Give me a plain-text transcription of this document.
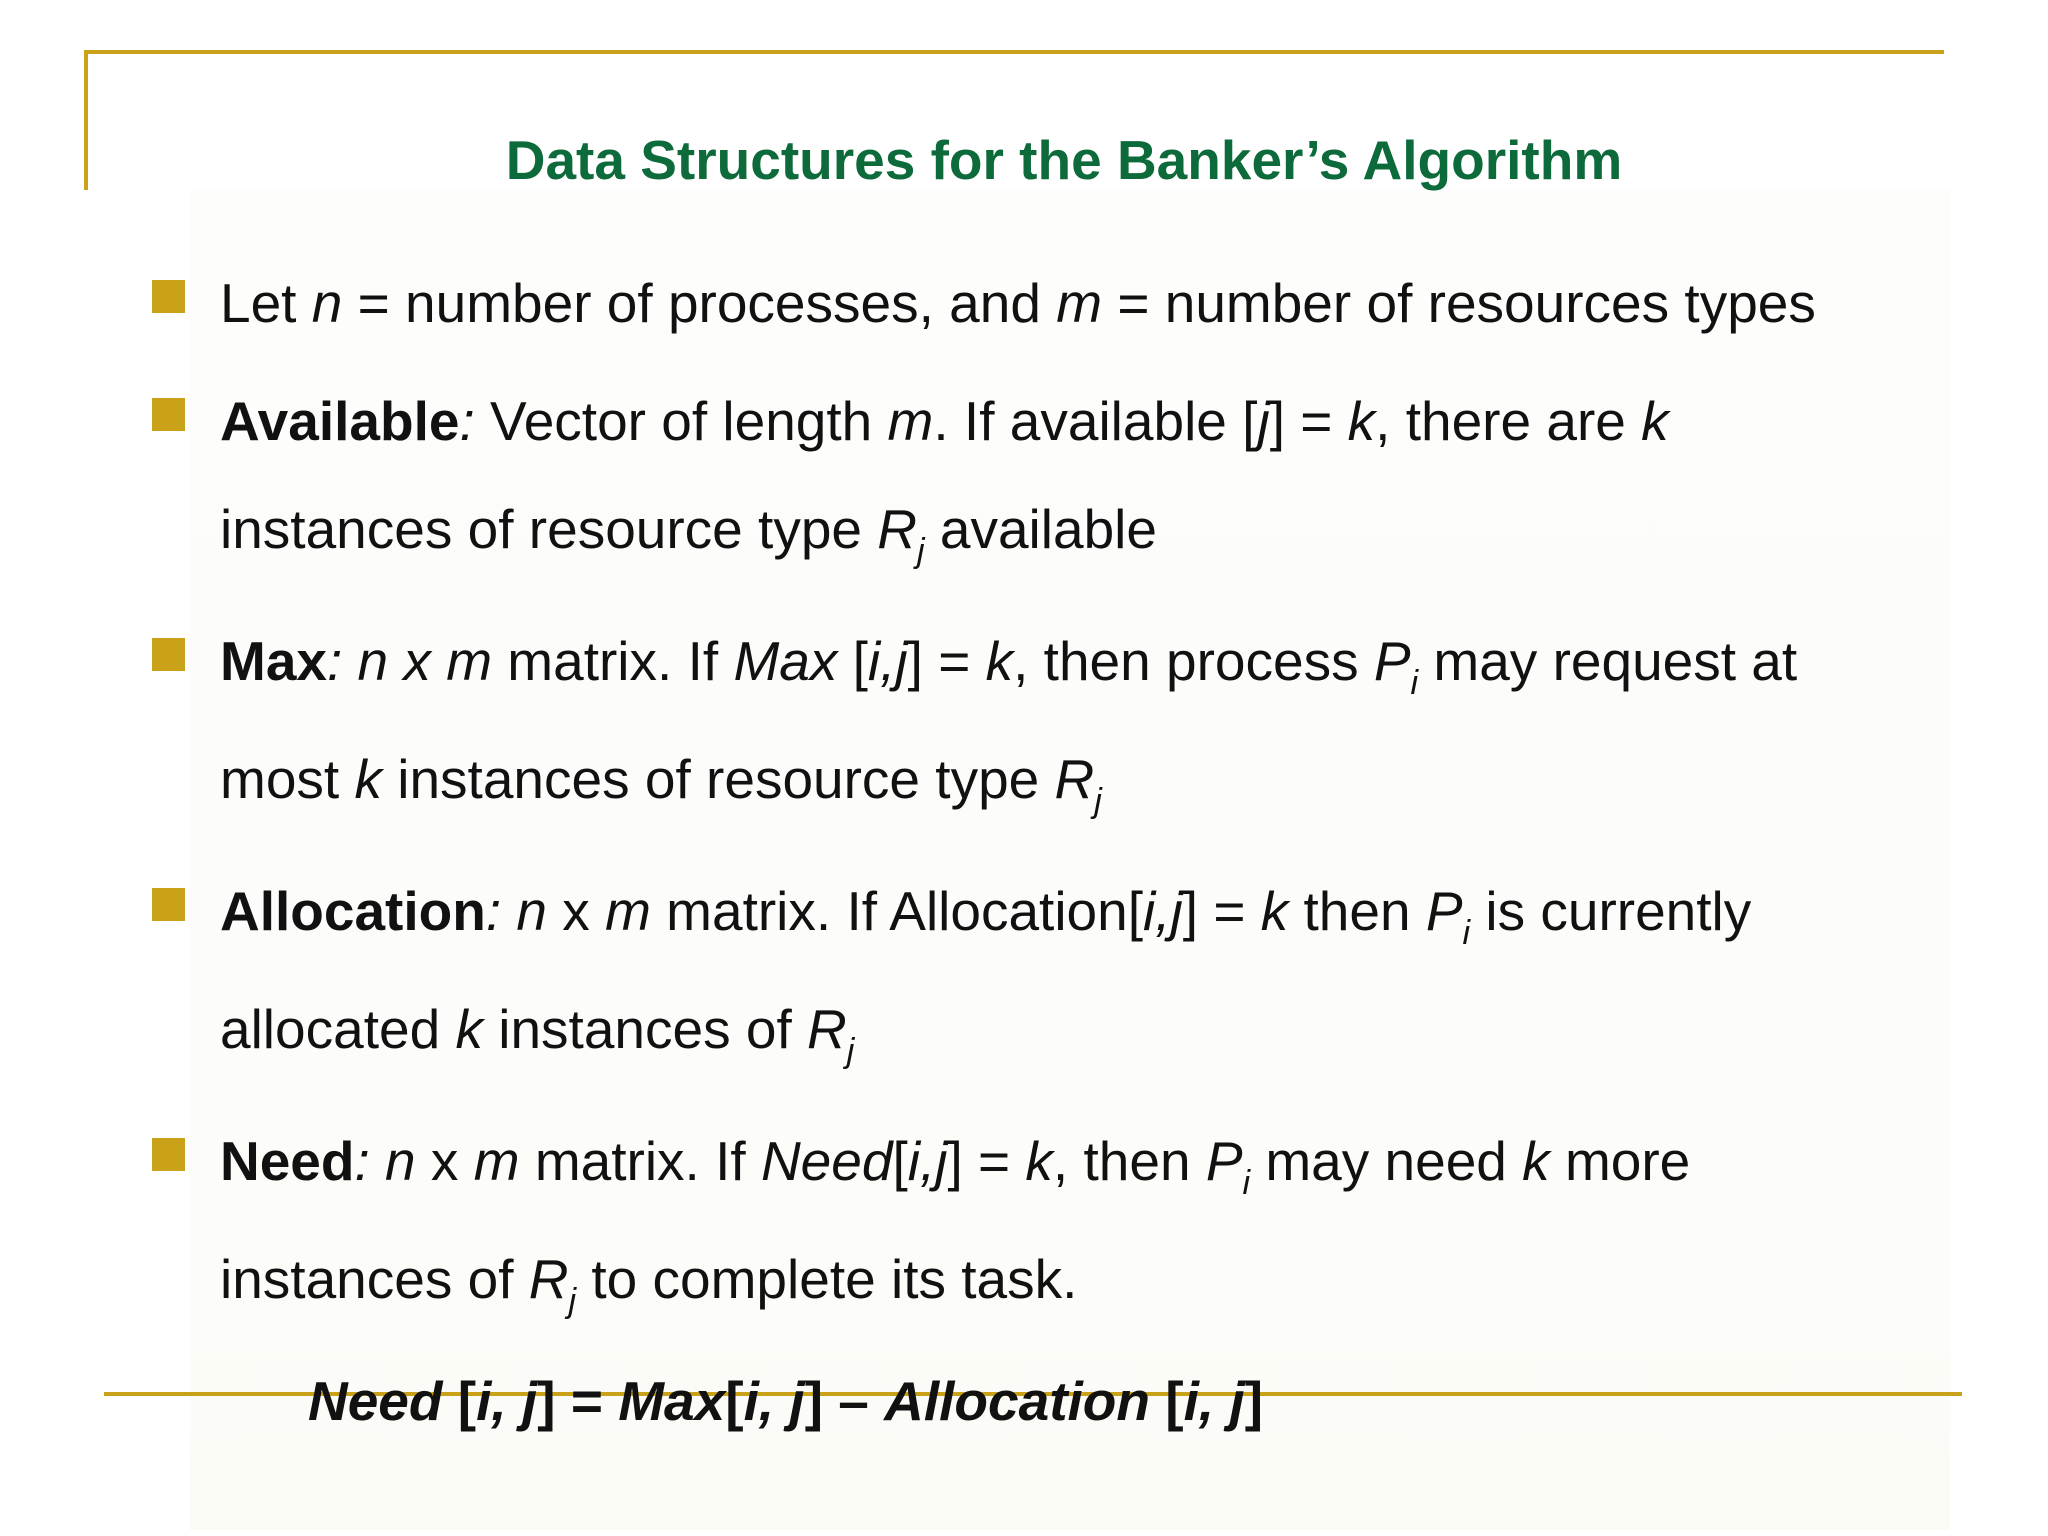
Data Structures for the Banker’s Algorithm
Let n = number of processes, and m = number of resources types
Available: Vector of length m. If available [j] = k, there are k
instances of resource type $R_j$ available
Max: n x m matrix. If Max [i,j] = k, then process $P_i$ may request at
most k instances of resource type $R_j$
Allocation: n x m matrix. If Allocation[i,j] = k then $P_i$ is currently
allocated k instances of $R_j$
Need: n x m matrix. If Need[i,j] = k, then $P_i$ may need k more
instances of $R_j$ to complete its task.
Need [i, j] = Max[i, j] – Allocation [i, j]
